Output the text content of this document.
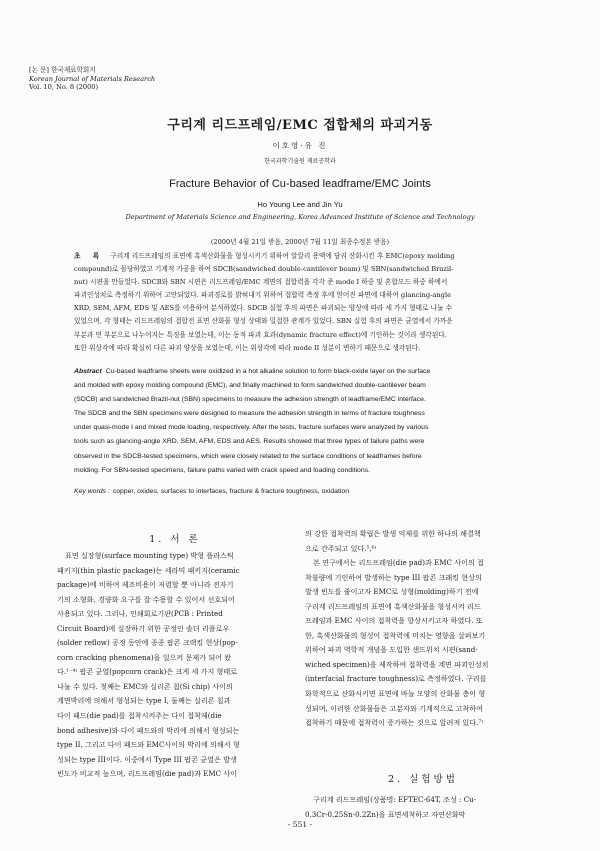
[논 문] 한국재료학회지
Korean Journal of Materials Research
Vol. 10, No. 8 (2000)
구리계 리드프레임/EMC 접합체의 파괴거동
이호영·유 진
한국과학기술원 재료공학과
Fracture Behavior of Cu-based leadframe/EMC Joints
Ho Young Lee and Jin Yu
Department of Materials Science and Engineering, Korea Advanced Institute of Science and Technology
(2000년 4월 21일 받음, 2000년 7월 11일 최종수정본 받음)
초 록 구리계 리드프레임의 표면에 흑색산화물을 형성시키기 위하여 알칼리 용액에 담궈 산화시킨 후 EMC(epoxy molding
compound)로 몰당하였고 기계적 가공을 하여 SDCB(sandwiched double-cantilever beam) 및 SBN(sandwiched Brazil-
nut) 시편을 만들었다. SDCB와 SBN 시편은 리드프레임/EMC 계면의 접합력을 각각 준 mode I 하중 및 혼합모드 하중 하에서
파괴인성치로 측정하기 위하여 고안되었다. 파괴경로를 밝혀내기 위하여 접합력 측정 후에 얻어진 파면에 대하여 glancing-angle
XRD, SEM, AFM, EDS 및 AES를 이용하여 분석하였다. SDCB 실험 후의 파면은 파괴되는 양상에 따라 세 가지 형태로 나눌 수
있었으며, 각 형태는 리드프레임의 접합전 표면 산화물 형성 상태와 밀접한 관계가 있었다. SBN 실험 후의 파면은 균열에서 가까운
부분과 먼 부분으로 나누어지는 특징을 보였는데, 이는 동적 파괴 효과(dynamic fracture effect)에 기인하는 것이라 생각된다.
또한 위상각에 따라 확실히 다른 파괴 양상을 보였는데, 이는 위상각에 따라 mode II 성분이 변하기 때문으로 생각된다.
Abstract Cu-based leadframe sheets were oxidized in a hot alkaline solution to form black-oxide layer on the surface
and molded with epoxy molding compound (EMC), and finally machined to form sandwiched double-cantilever beam
(SDCB) and sandwiched Brazil-nut (SBN) specimens to measure the adhesion strength of leadframe/EMC interface.
The SDCB and the SBN specimens were designed to measure the adhesion strength in terms of fracture toughness
under quasi-mode I and mixed mode loading, respectively. After the tests, fracture surfaces were analyzed by various
tools such as glancing-angle XRD, SEM, AFM, EDS and AES. Results showed that three types of failure paths were
observed in the SDCB-tested specimens, which were closely related to the surface conditions of leadframes before
molding. For SBN-tested specimens, failure paths varied with crack speed and loading conditions.
Key words : copper, oxides, surfaces to interfaces, fracture & fracture toughness, oxidation
1. 서 론
표면 실장형(surface mounting type) 박형 플라스틱
패키지(thin plastic package)는 세라믹 패키지(ceramic
package)에 비하여 제조비용이 저렴할 뿐 아니라 전자기
기의 소형화, 경량화 요구를 잘 수용할 수 있어서 선호되어
사용되고 있다. 그러나, 인쇄회로기판(PCB : Printed
Circuit Board)에 실장하기 위한 공정인 솔더 리플로우
(solder reflow) 공정 동안에 종종 팝콘 크랙킹 현상(pop-
corn cracking phenomena)을 일으켜 문제가 되어 왔
다.¹⁻⁴⁾ 팝콘 균열(popcorn crack)은 크게 세 가지 형태로
나눌 수 있다. 첫째는 EMC와 실리콘 칩(Si chip) 사이의
계면박리에 의해서 형성되는 type I, 둘째는 실리콘 칩과
다이 패드(die pad)를 접착시켜주는 다이 접착제(die
bond adhesive)와 다이 패드와의 박리에 의해서 형성되는
type II, 그리고 다이 패드와 EMC사이의 박리에 의해서 형
성되는 type III이다. 이중에서 Type III 팝콘 균열은 발생
빈도가 비교적 높으며, 리드프레임(die pad)과 EMC 사이
의 강한 접착력의 확립은 발생 억제를 위한 하나의 해결책
으로 간주되고 있다.⁵,⁶⁾
본 연구에서는 리드프레임(die pad)과 EMC 사이의 접
착불량에 기인하여 발생하는 type III 팝콘 크래킹 현상의
발생 빈도를 줄이고자 EMC로 성형(molding)하기 전에
구리계 리드프레임의 표면에 흑색산화물을 형성시켜 리드
프레임과 EMC 사이의 접착력을 향상시키고자 하였다. 또
한, 흑색산화물의 형성이 접착력에 미치는 영향을 살펴보기
위하여 파괴 역학적 개념을 도입한 샌드위치 시편(sand-
wiched specimen)을 제작하여 접착력을 계면 파괴인성치
(interfacial fracture toughness)로 측정하였다. 구리를
화학적으로 산화시키면 표면에 바늘 모양의 산화물 층이 형
성되며, 이러한 산화물들은 고분자와 기계적으로 고착하여
접착하기 때문에 접착력이 증가하는 것으로 알려져 있다.⁷⁾
2. 실험방법
구리계 리드프레임(상품명: EFTEC-64T, 조성 : Cu-
0.3Cr-0.25Sn-0.2Zn)을 표면세척하고 자연산화막
- 551 -
